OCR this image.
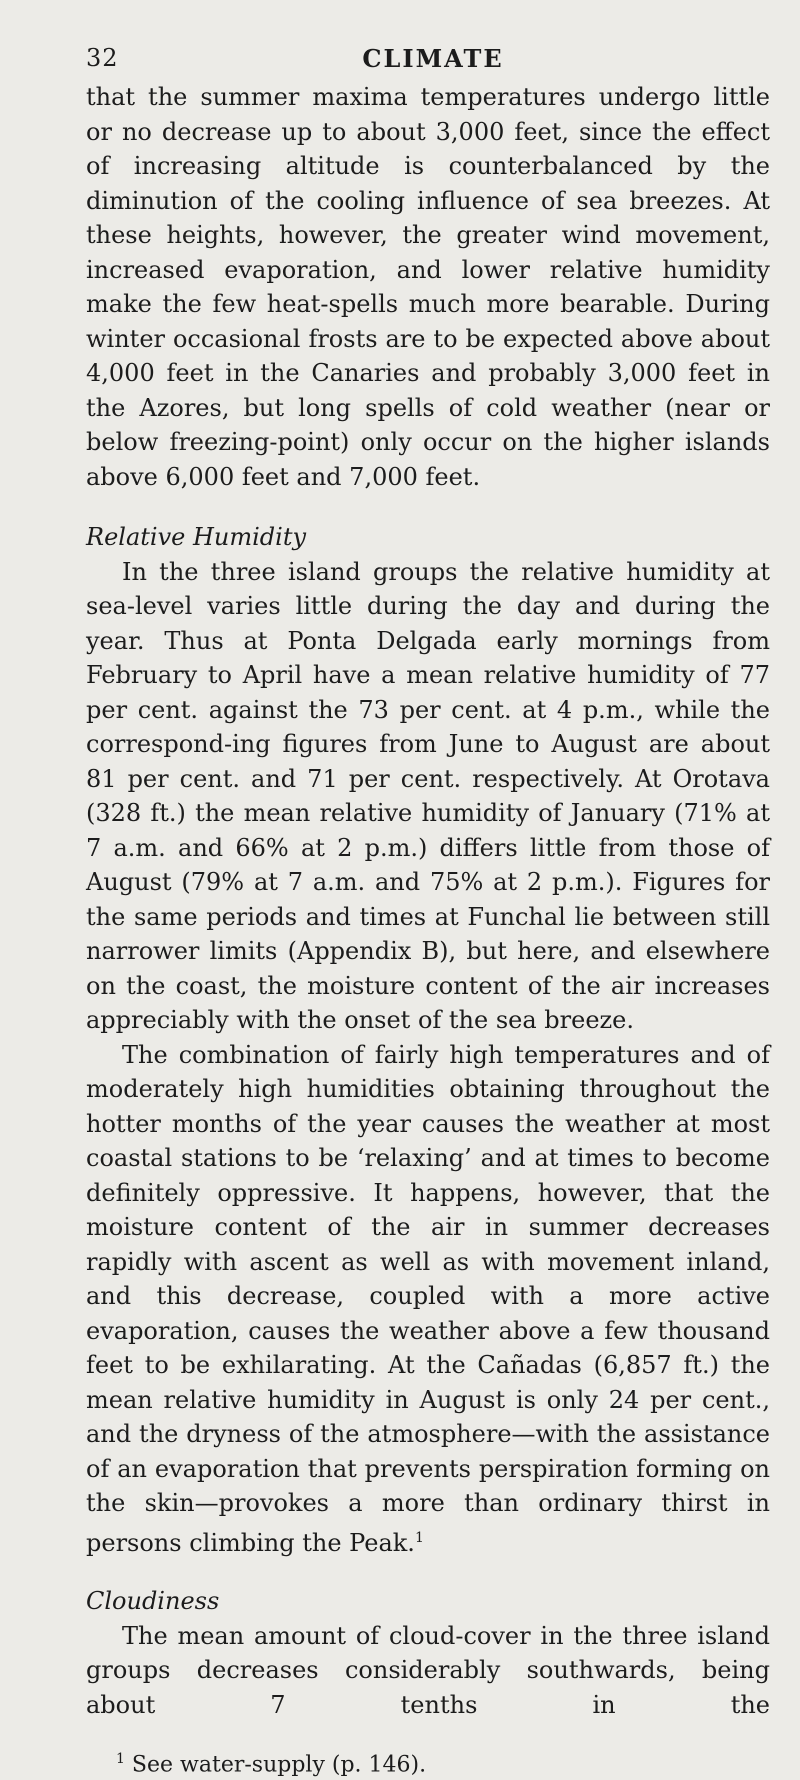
32	CLIMATE

that the summer maxima temperatures undergo little or no decrease up to about 3,000 feet, since the effect of increasing altitude is counterbalanced by the diminution of the cooling influence of sea breezes. At these heights, however, the greater wind movement, increased evaporation, and lower relative humidity make the few heat-spells much more bearable. During winter occasional frosts are to be expected above about 4,000 feet in the Canaries and probably 3,000 feet in the Azores, but long spells of cold weather (near or below freezing-point) only occur on the higher islands above 6,000 feet and 7,000 feet.

Relative Humidity

In the three island groups the relative humidity at sea-level varies little during the day and during the year. Thus at Ponta Delgada early mornings from February to April have a mean relative humidity of 77 per cent. against the 73 per cent. at 4 p.m., while the correspond-ing figures from June to August are about 81 per cent. and 71 per cent. respectively. At Orotava (328 ft.) the mean relative humidity of January (71% at 7 a.m. and 66% at 2 p.m.) differs little from those of August (79% at 7 a.m. and 75% at 2 p.m.). Figures for the same periods and times at Funchal lie between still narrower limits (Appendix B), but here, and elsewhere on the coast, the moisture content of the air increases appreciably with the onset of the sea breeze.

The combination of fairly high temperatures and of moderately high humidities obtaining throughout the hotter months of the year causes the weather at most coastal stations to be ‘relaxing’ and at times to become definitely oppressive. It happens, however, that the moisture content of the air in summer decreases rapidly with ascent as well as with movement inland, and this decrease, coupled with a more active evaporation, causes the weather above a few thousand feet to be exhilarating. At the Cañadas (6,857 ft.) the mean relative humidity in August is only 24 per cent., and the dryness of the atmosphere—with the assistance of an evaporation that prevents perspiration forming on the skin—provokes a more than ordinary thirst in persons climbing the Peak.$^1$

Cloudiness

The mean amount of cloud-cover in the three island groups decreases considerably southwards, being about 7 tenths in the

$^1$ See water-supply (p. 146).
